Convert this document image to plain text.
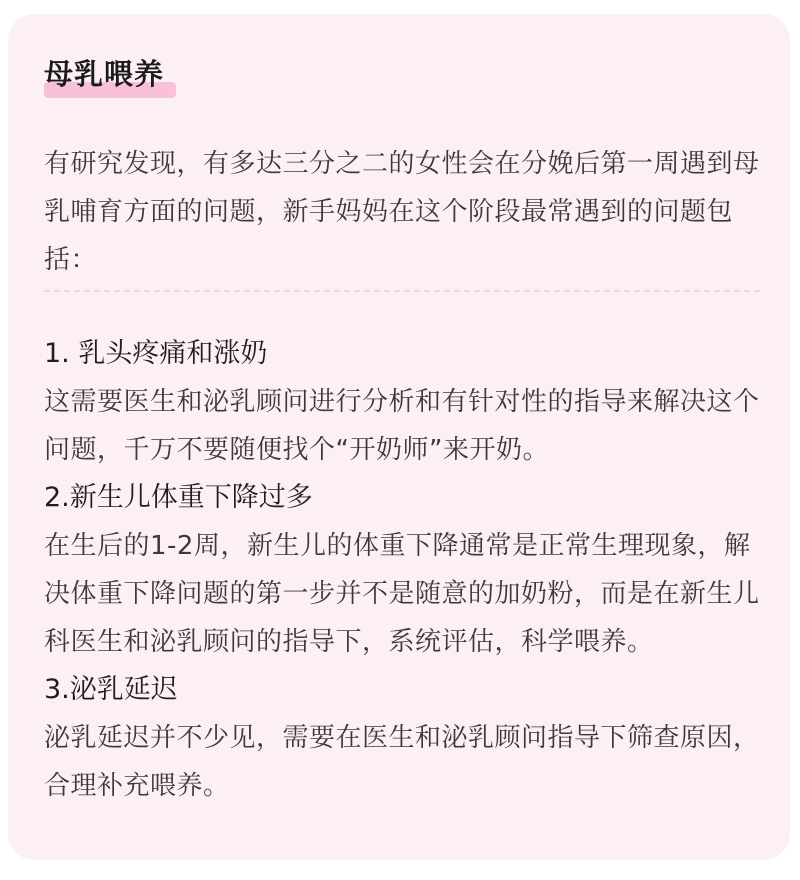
母乳喂养
有研究发现，有多达三分之二的女性会在分娩后第一周遇到母乳哺育方面的问题，新手妈妈在这个阶段最常遇到的问题包括：

1. 乳头疼痛和涨奶

这需要医生和泌乳顾问进行分析和有针对性的指导来解决这个问题，千万不要随便找个“开奶师”来开奶。

2.新生儿体重下降过多

在生后的1-2周，新生儿的体重下降通常是正常生理现象，解决体重下降问题的第一步并不是随意的加奶粉，而是在新生儿科医生和泌乳顾问的指导下，系统评估，科学喂养。

3.泌乳延迟

泌乳延迟并不少见，需要在医生和泌乳顾问指导下筛查原因，合理补充喂养。
